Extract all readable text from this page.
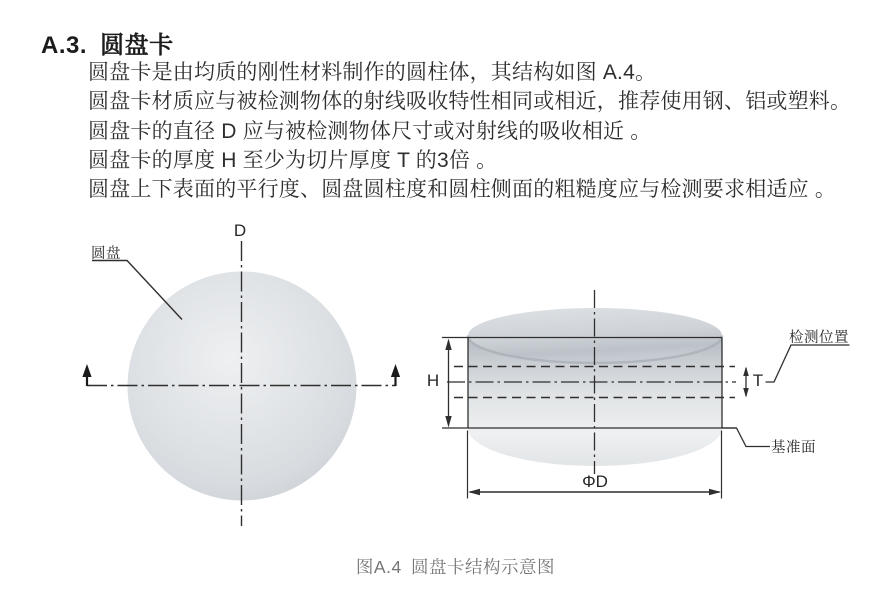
A.3. 圆盘卡

圆盘卡是由均质的刚性材料制作的圆柱体，其结构如图 A.4。

圆盘卡材质应与被检测物体的射线吸收特性相同或相近，推荐使用钢、铝或塑料。

圆盘卡的直径 D 应与被检测物体尺寸或对射线的吸收相近 。

圆盘卡的厚度 H 至少为切片厚度 T 的3倍 。

圆盘上下表面的平行度、圆盘圆柱度和圆柱侧面的粗糙度应与检测要求相适应 。

圆盘
D
H	T
ΦD
检测位置
基准面
图A.4 圆盘卡结构示意图
